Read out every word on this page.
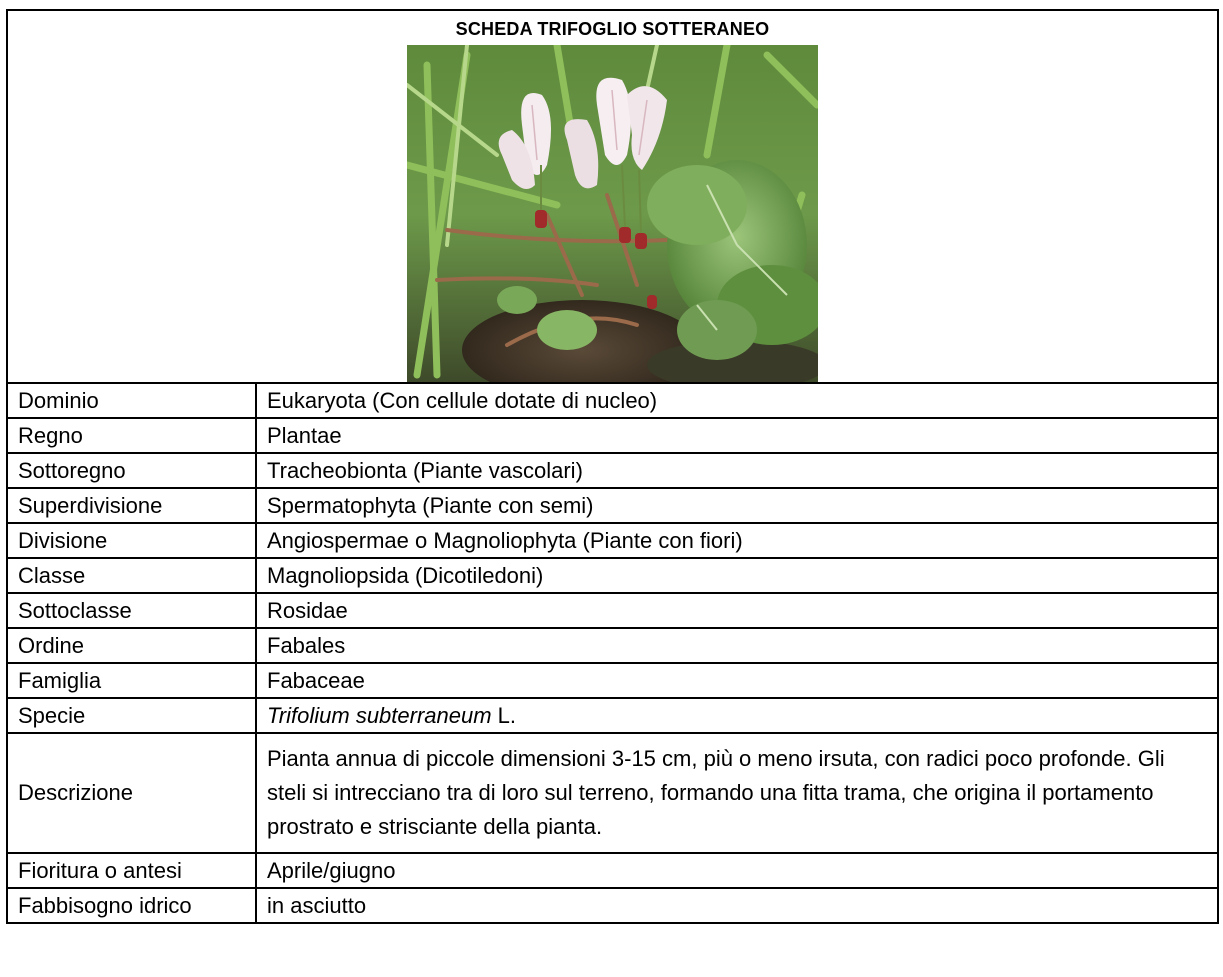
SCHEDA TRIFOGLIO SOTTERANEO	

Dominio	Eukaryota (Con cellule dotate di nucleo)
Regno	Plantae
Sottoregno	Tracheobionta (Piante vascolari)
Superdivisione	Spermatophyta (Piante con semi)
Divisione	Angiospermae o Magnoliophyta (Piante con fiori)
Classe	Magnoliopsida (Dicotiledoni)
Sottoclasse	Rosidae
Ordine	Fabales
Famiglia	Fabaceae
Specie	Trifolium subterraneum L.
Descrizione	Pianta annua di piccole dimensioni 3-15 cm, più o meno irsuta, con radici poco profonde. Gli steli si intrecciano tra di loro sul terreno, formando una fitta trama, che origina il portamento prostrato e strisciante della pianta.
Fioritura o antesi	Aprile/giugno
Fabbisogno idrico	in asciutto
